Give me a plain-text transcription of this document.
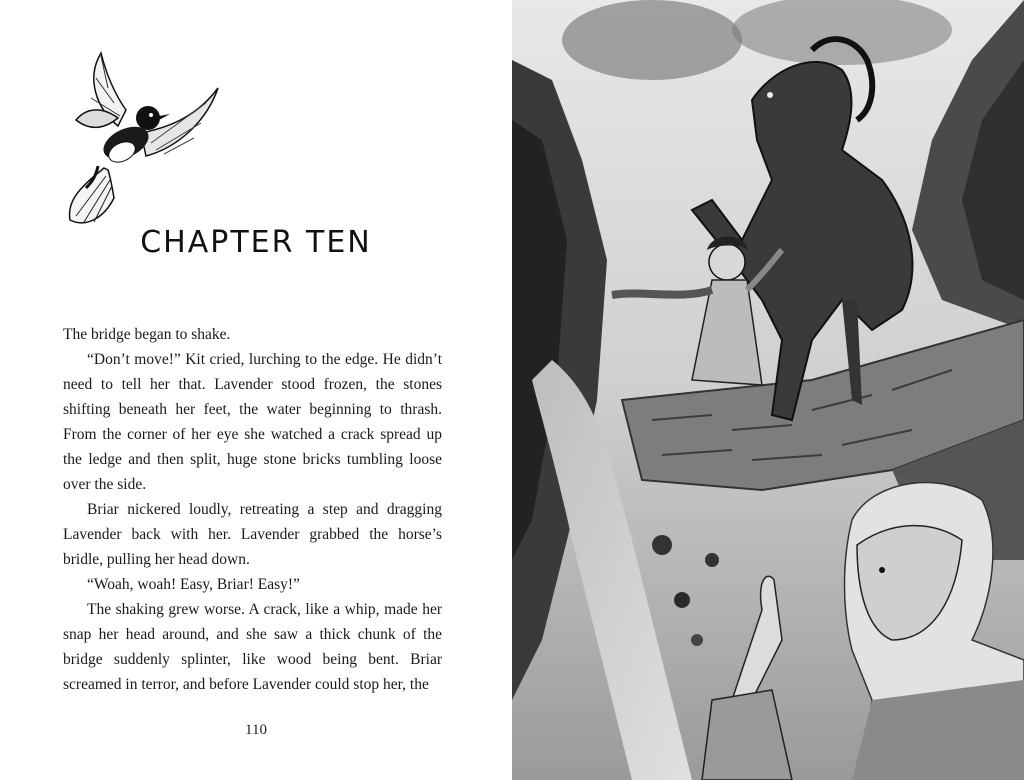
CHAPTER TEN

The bridge began to shake.

“Don’t move!” Kit cried, lurching to the edge. He didn’t need to tell her that. Lavender stood frozen, the stones shifting beneath her feet, the water beginning to thrash. From the corner of her eye she watched a crack spread up the ledge and then split, huge stone bricks tumbling loose over the side.

Briar nickered loudly, retreating a step and dragging Lavender back with her. Lavender grabbed the horse’s bridle, pulling her head down.

“Woah, woah! Easy, Briar! Easy!”

The shaking grew worse. A crack, like a whip, made her snap her head around, and she saw a thick chunk of the bridge suddenly splinter, like wood being bent. Briar screamed in terror, and before Lavender could stop her, the

110
